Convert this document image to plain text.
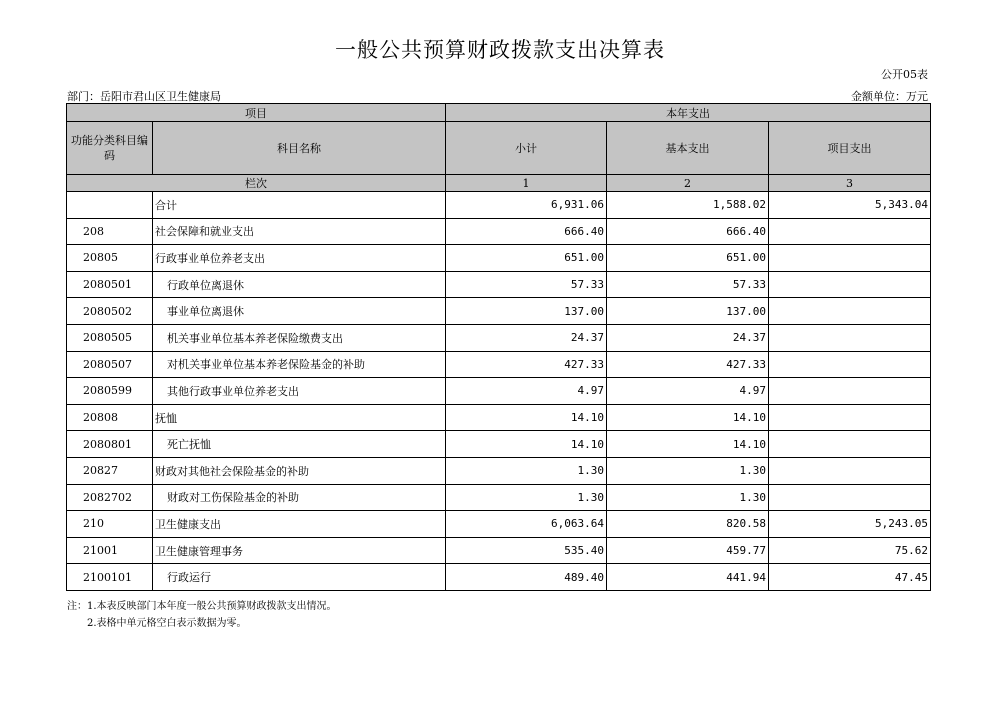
一般公共预算财政拨款支出决算表
公开05表
部门：岳阳市君山区卫生健康局	金额单位：万元
项目		本年支出		
功能分类科目编码	科目名称	小计	基本支出	项目支出
栏次		1	2	3
	合计	6,931.06	1,588.02	5,343.04
208	社会保障和就业支出	666.40	666.40	
20805	行政事业单位养老支出	651.00	651.00	
2080501	行政单位离退休	57.33	57.33	
2080502	事业单位离退休	137.00	137.00	
2080505	机关事业单位基本养老保险缴费支出	24.37	24.37	
2080507	对机关事业单位基本养老保险基金的补助	427.33	427.33	
2080599	其他行政事业单位养老支出	4.97	4.97	
20808	抚恤	14.10	14.10	
2080801	死亡抚恤	14.10	14.10	
20827	财政对其他社会保险基金的补助	1.30	1.30	
2082702	财政对工伤保险基金的补助	1.30	1.30	
210	卫生健康支出	6,063.64	820.58	5,243.05
21001	卫生健康管理事务	535.40	459.77	75.62
2100101	行政运行	489.40	441.94	47.45
注：1.本表反映部门本年度一般公共预算财政拨款支出情况。
2.表格中单元格空白表示数据为零。
